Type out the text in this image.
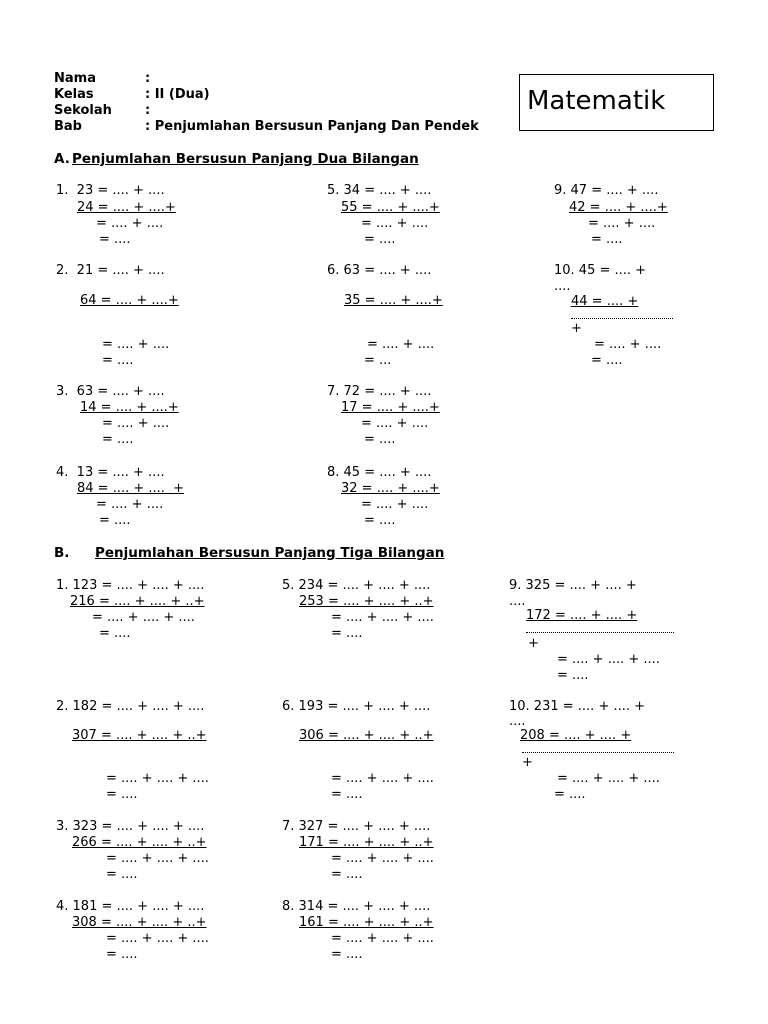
Matematik
Nama	:
Kelas	: II (Dua)
Sekolah	:
Bab	: Penjumlahan Bersusun Panjang Dan Pendek
A. Penjumlahan Bersusun Panjang Dua Bilangan
1.  23 = .... + ....
24 = .... + ....+
= .... + ....
= ....
2.  21 = .... + ....
64 = .... + ....+
= .... + ....
= ....
3.  63 = .... + ....
14 = .... + ....+
= .... + ....
= ....
4.  13 = .... + ....
84 = .... + ....  +
= .... + ....
= ....
5. 34 = .... + ....
55 = .... + ....+
= .... + ....
= ....
6. 63 = .... + ....
35 = .... + ....+
= .... + ....
= ...
7. 72 = .... + ....
17 = .... + ....+
= .... + ....
= ....
8. 45 = .... + ....
32 = .... + ....+
= .... + ....
= ....
9. 47 = .... + ....
42 = .... + ....+
= .... + ....
= ....
10. 45 = .... +
....
44 = .... +
+
= .... + ....
= ....
B. Penjumlahan Bersusun Panjang Tiga Bilangan
1. 123 = .... + .... + ....
216 = .... + .... + ..+
= .... + .... + ....
= ....
2. 182 = .... + .... + ....
307 = .... + .... + ..+
= .... + .... + ....
= ....
3. 323 = .... + .... + ....
266 = .... + .... + ..+
= .... + .... + ....
= ....
4. 181 = .... + .... + ....
308 = .... + .... + ..+
= .... + .... + ....
= ....
5. 234 = .... + .... + ....
253 = .... + .... + ..+
= .... + .... + ....
= ....
6. 193 = .... + .... + ....
306 = .... + .... + ..+
= .... + .... + ....
= ....
7. 327 = .... + .... + ....
171 = .... + .... + ..+
= .... + .... + ....
= ....
8. 314 = .... + .... + ....
161 = .... + .... + ..+
= .... + .... + ....
= ....
9. 325 = .... + .... +
....
172 = .... + .... +
+
= .... + .... + ....
= ....
10. 231 = .... + .... +
....
208 = .... + .... +
+
= .... + .... + ....
= ....
